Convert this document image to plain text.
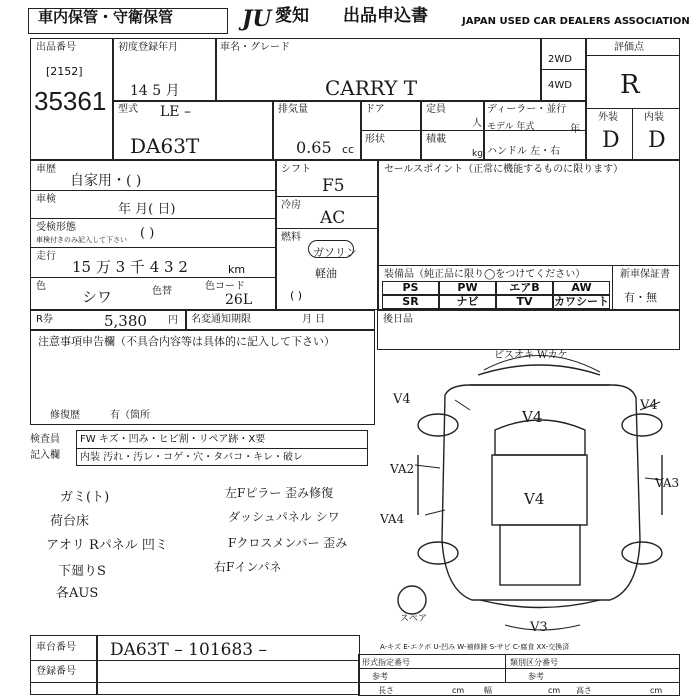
車内保管・守衛保管	JU 愛知 出品申込書	JAPAN USED CAR DEALERS ASSOCIATION
出品番号
[2152]
35361
初度登録年月
14 5 月
車名・グレード
CARRY T
2WD
4WD
評価点
R
外装	内装
D D
型式 LE –
DA63T
排気量
0.65 cc
ドア
形状
定員
人
積載
kg
ディーラー・並行
モデル 年式	年
ハンドル 左・右
車歴
自家用・( )
車検
年 月( 日)
受検形態
車検付きのみ記入して下さい ( )
走行
15 万 3 千 4 3 2	km
色
シワ	色替	色コード
26L
シフト
F5
冷房
AC
燃料
ガソリン
軽油
( )
セールスポイント（正常に機能するものに限ります）
装備品（純正品に限り◯をつけてください）
PS	PW	エアB	AW
SR	ナビ	TV	カワシート
新車保証書
有・無
R券	5,380 円 名変通知期限	月 日	後日品
注意事項申告欄（不具合内容等は具体的に記入して下さい）
修復歴	有（箇所
検査員
記入欄
FW キズ・凹み・ヒビ割・リペア跡・X要
内装 汚れ・汚レ・コゲ・穴・タバコ・キレ・破レ
ガミ(ト)
荷台床
アオリ Rパネル 凹ミ
下廻りS
各AUS
左Fピラー 歪み修復
ダッシュパネル シワ
Fクロスメンバー 歪み
右Fインパネ
ピスオキ Wカケ
V4
V4
V4
VA2
VA3
VA4
V4
V3
スペア
車台番号 DA63T – 101683 –
登録番号
A-キズ E-エクボ U-凹み W-補修跡 S-サビ C-腐食 XX-交換済
形式指定番号	類別区分番号
参考	参考
長さ	幅	高さ
cm	cm	cm
